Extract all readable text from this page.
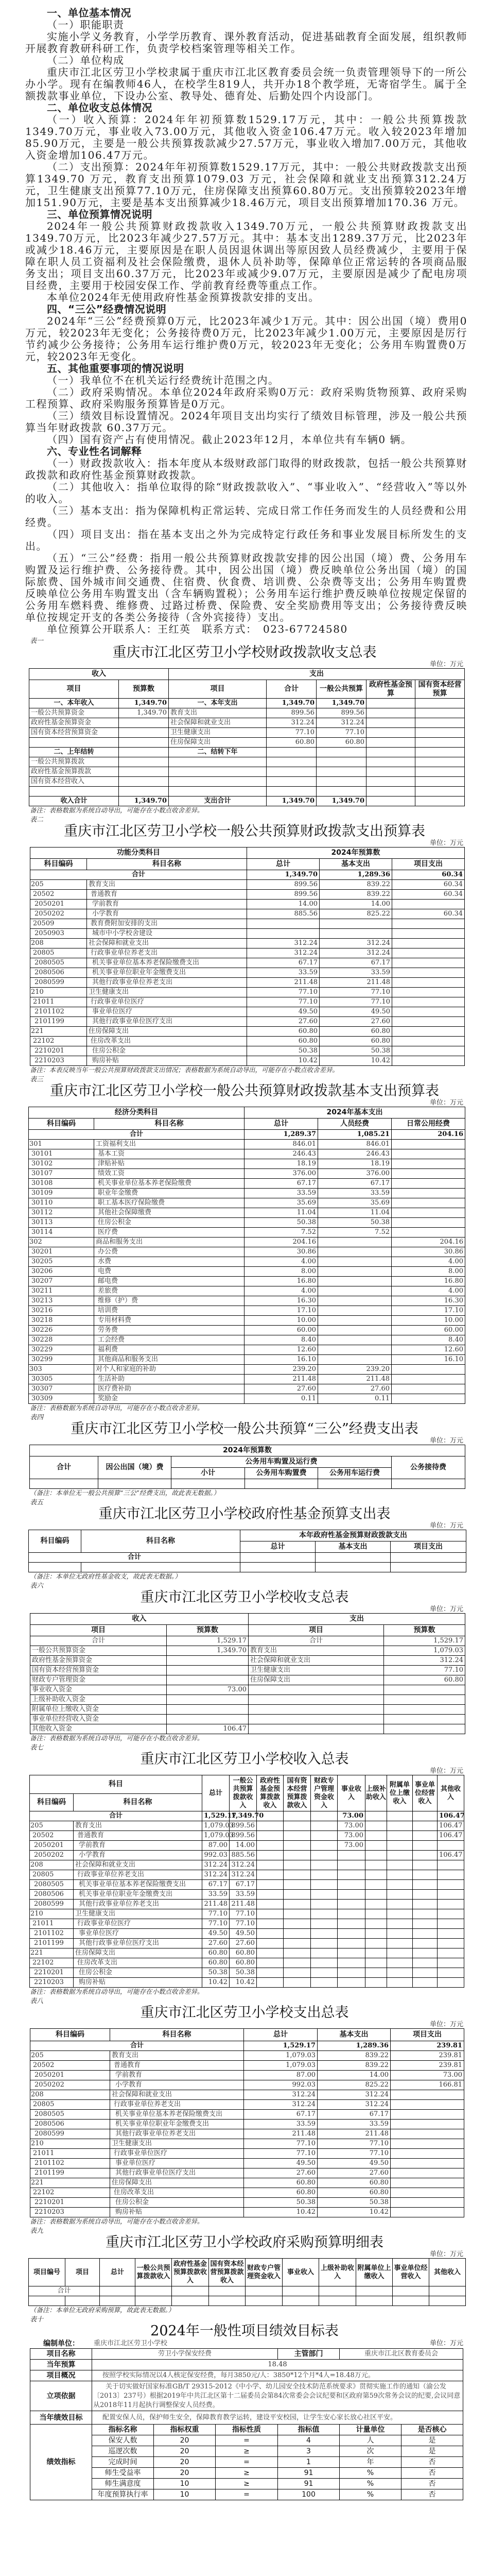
一、单位基本情况

（一）职能职责

实施小学义务教育，小学学历教育、课外教育活动，促进基础教育全面发展，组织教师开展教育教研科研工作，负责学校档案管理等相关工作。

（二）单位构成

重庆市江北区劳卫小学校隶属于重庆市江北区教育委员会统一负责管理领导下的一所公办小学。现有在编教师46人，在校学生819人，共开办18个教学班，无寄宿学生。属于全额拨款事业单位，下设办公室、教导处、德育处、后勤处四个内设部门。

二、单位收支总体情况

（一）收入预算：2024年年初预算数1529.17万元，其中：一般公共预算拨款1349.70万元，事业收入73.00万元，其他收入资金106.47万元。收入较2023年增加85.90万元，主要是一般公共预算拨款减少27.57万元，事业收入增加7.00万元，其他收入资金增加106.47万元。

（二）支出预算：2024年年初预算数1529.17万元，其中：一般公共财政拨款支出预算1349.70 万元，教育支出预算1079.03 万元，社会保障和就业支出预算312.24万元，卫生健康支出预算77.10万元，住房保障支出预算60.80万元。支出预算较2023年增加151.90万元，主要是基本支出预算减少18.46万元，项目支出预算增加170.36 万元。

三、单位预算情况说明

2024年一般公共预算财政拨款收入1349.70万元，一般公共预算财政拨款支出1349.70万元，比2023年减少27.57万元。其中：基本支出1289.37万元，比2023年或减少18.46万元，主要原因是在职人员因退休调出等原因致人员经费减少，主要用于保障在职人员工资福利及社会保险缴费，退休人员补助等，保障单位正常运转的各项商品服务支出；项目支出60.37万元，比2023年或减少9.07万元，主要原因是减少了配电房项目经费，主要用于校园安保工作、学前教育经费等重点工作。

本单位2024年无使用政府性基金预算拨款安排的支出。

四、“三公”经费情况说明

2024年“三公”经费预算0万元，比2023年减少1万元。其中：因公出国（境）费用0万元，较2023年无变化；公务接待费0万元，比2023年减少1.00万元，主要原因是厉行节约减少公务接待；公务用车运行维护费0万元，较2023年无变化；公务用车购置费0万元，较2023年无变化。

五、其他重要事项的情况说明

（一）我单位不在机关运行经费统计范围之内。

（二）政府采购情况。本单位2024年政府采购0万元：政府采购货物预算、政府采购工程预算、政府采购服务预算皆是0万元。

（三）绩效目标设置情况。2024年项目支出均实行了绩效目标管理，涉及一般公共预算当年财政拨款 60.37万元。

（四）国有资产占有使用情况。截止2023年12月，本单位共有车辆0 辆。

六、专业性名词解释

（一）财政拨款收入：指本年度从本级财政部门取得的财政拨款，包括一般公共预算财政拨款和政府性基金预算财政拨款。

（二）其他收入：指单位取得的除“财政拨款收入”、“事业收入”、“经营收入”等以外的收入。

（三）基本支出：指为保障机构正常运转、完成日常工作任务而发生的人员经费和公用经费。

（四）项目支出：指在基本支出之外为完成特定行政任务和事业发展目标所发生的支出。

（五）“三公”经费：指用一般公共预算财政拨款安排的因公出国（境）费、公务用车购置及运行维护费、公务接待费。其中，因公出国（境）费反映单位公务出国（境）的国际旅费、国外城市间交通费、住宿费、伙食费、培训费、公杂费等支出；公务用车购置费反映单位公务用车购置支出（含车辆购置税）；公务用车运行维护费反映单位按规定保留的公务用车燃料费、维修费、过路过桥费、保险费、安全奖励费用等支出；公务接待费反映单位按规定开支的各类公务接待（含外宾接待）支出。

单位预算公开联系人：王红英　联系方式：　023-67724580

表一
重庆市江北区劳卫小学校财政拨款收支总表
单位：万元
收入		支出				
项目	预算数	项目	合计	一般公共预算	政府性基金预算	国有资本经营预算
一、本年收入	1,349.70	一、本年支出	1,349.70	1,349.70		
一般公共预算资金	1,349.70	教育支出	899.56	899.56		
政府性基金预算资金		社会保障和就业支出	312.24	312.24		
国有资本经营预算资金		卫生健康支出	77.10	77.10		
		住房保障支出	60.80	60.80		
二、上年结转		二、结转下年				
一般公共预算拨款						
政府性基金预算拨款						
国有资本经营收入						

收入合计	1,349.70	支出合计	1,349.70	1,349.70		
备注：表格数据为系统自动导出，可能存在小数点收舍差异。
表二
重庆市江北区劳卫小学校一般公共预算财政拨款支出预算表
单位：万元
功能分类科目		2024年预算数		
科目编码	科目名称	总计	基本支出	项目支出
合计		1,349.70	1,289.36	60.34
205	教育支出	899.56	839.22	60.34
20502	普通教育	899.56	839.22	60.34
2050201	学前教育	14.00	14.00	
2050202	小学教育	885.56	825.22	60.34
20509	教育费附加安排的支出			
2050903	城市中小学校舍建设			
208	社会保障和就业支出	312.24	312.24	
20805	行政事业单位养老支出	312.24	312.24	
2080505	机关事业单位基本养老保险缴费支出	67.17	67.17	
2080506	机关事业单位职业年金缴费支出	33.59	33.59	
2080599	其他行政事业单位养老支出	211.48	211.48	
210	卫生健康支出	77.10	77.10	
21011	行政事业单位医疗	77.10	77.10	
2101102	事业单位医疗	49.50	49.50	
2101199	其他行政事业单位医疗支出	27.60	27.60	
221	住房保障支出	60.80	60.80	
22102	住房改革支出	60.80	60.80	
2210201	住房公积金	50.38	50.38	
2210203	购房补贴	10.42	10.42	
备注：本表反映当年一般公共预算财政拨款支出情况；表格数据为系统自动导出，可能存在小数点收舍差异。
表三
重庆市江北区劳卫小学校一般公共预算财政拨款基本支出预算表
单位：万元
经济分类科目		2024年基本支出		
科目编码	科目名称	总计	人员经费	日常公用经费
合计		1,289.37	1,085.21	204.16
301	工资福利支出	846.01	846.01	
30101	基本工资	246.43	246.43	
30102	津贴补贴	18.19	18.19	
30107	绩效工资	376.00	376.00	
30108	机关事业单位基本养老保险缴费	67.17	67.17	
30109	职业年金缴费	33.59	33.59	
30110	职工基本医疗保险缴费	35.69	35.69	
30112	其他社会保障缴费	11.04	11.04	
30113	住房公积金	50.38	50.38	
30114	医疗费	7.52	7.52	
302	商品和服务支出	204.16		204.16
30201	办公费	30.86		30.86
30205	水费	4.00		4.00
30206	电费	8.00		8.00
30207	邮电费	16.80		16.80
30211	差旅费	4.00		4.00
30213	维修（护）费	16.30		16.30
30216	培训费	17.10		17.10
30218	专用材料费	10.00		10.00
30226	劳务费	60.00		60.00
30228	工会经费	8.40		8.40
30229	福利费	12.60		12.60
30299	其他商品和服务支出	16.10		16.10
303	对个人和家庭的补助	239.20	239.20	
30305	生活补助	211.48	211.48	
30307	医疗费补助	27.60	27.60	
30309	奖励金	0.11	0.11	
备注：表格数据为系统自动导出，可能存在小数点收舍差异。
表四
重庆市江北区劳卫小学校一般公共预算“三公”经费支出表
单位：万元
2024年预算数					
合计	因公出国（境）费	公务用车购置及运行费			公务接待费
		小计	公务用车购置费	公务用车运行费	

（备注：本单位无一般公共预算“三公”经费支出，故此表无数据。）
表五
重庆市江北区劳卫小学校政府性基金预算支出表
单位：万元
科目编码	科目名称	本年政府性基金预算财政拨款支出		
		总计	基本支出	项目支出
合计				

（备注：本单位无政府性基金收支，故此表无数据。）
表六
重庆市江北区劳卫小学校收支总表
单位：万元
收入		支出	
项目	预算数	项目	预算数
合计	1,529.17	合计	1,529.17
一般公共预算资金	1,349.70	教育支出	1,079.03
政府性基金预算资金		社会保障和就业支出	312.24
国有资本经营预算资金		卫生健康支出	77.10
财政专户管理资金		住房保障支出	60.80
事业收入资金	73.00		
上级补助收入资金			
附属单位上缴收入资金			
事业单位经营收入资金			
其他收入资金	106.47		
备注：表格数据为系统自动导出，可能存在小数点收舍差异。
表七
重庆市江北区劳卫小学校收入总表
单位：万元
科目		总计	一般公共预算拨款收入	政府性基金预算拨款收入	国有资本经营预算拨款收入	财政专户管理资金收入	事业收入	上级补助收入	附属单位上缴收入	事业单位经营收入	其他收入
科目编码	科目名称										
合计		1,529.17	1,349.70				73.00				106.47
205	教育支出	1,079.03	899.56				73.00				106.47
20502	普通教育	1,079.03	899.56				73.00				106.47
2050201	学前教育	87.00	14.00				73.00				
2050202	小学教育	992.03	885.56								106.47
208	社会保障和就业支出	312.24	312.24								
20805	行政事业单位养老支出	312.24	312.24								
2080505	机关事业单位基本养老保险缴费支出	67.17	67.17								
2080506	机关事业单位职业年金缴费支出	33.59	33.59								
2080599	其他行政事业单位养老支出	211.48	211.48								
210	卫生健康支出	77.10	77.10								
21011	行政事业单位医疗	77.10	77.10								
2101102	事业单位医疗	49.50	49.50								
2101199	其他行政事业单位医疗支出	27.60	27.60								
221	住房保障支出	60.80	60.80								
22102	住房改革支出	60.80	60.80								
2210201	住房公积金	50.38	50.38								
2210203	购房补贴	10.42	10.42								
备注：表格数据为系统自动导出，可能存在小数点收舍差异。
表八
重庆市江北区劳卫小学校支出总表
单位：万元
科目编码	科目名称	总计	基本支出	项目支出
合计		1,529.17	1,289.36	239.81
205	教育支出	1,079.03	839.22	239.81
20502	普通教育	1,079.03	839.22	239.81
2050201	学前教育	87.00	14.00	73.00
2050202	小学教育	992.03	825.22	166.81
208	社会保障和就业支出	312.24	312.24	
20805	行政事业单位养老支出	312.24	312.24	
2080505	机关事业单位基本养老保险缴费支出	67.17	67.17	
2080506	机关事业单位职业年金缴费支出	33.59	33.59	
2080599	其他行政事业单位养老支出	211.48	211.48	
210	卫生健康支出	77.10	77.10	
21011	行政事业单位医疗	77.10	77.10	
2101102	事业单位医疗	49.50	49.50	
2101199	其他行政事业单位医疗支出	27.60	27.60	
221	住房保障支出	60.80	60.80	
22102	住房改革支出	60.80	60.80	
2210201	住房公积金	50.38	50.38	
2210203	购房补贴	10.42	10.42	
备注：表格数据为系统自动导出，可能存在小数点收舍差异。
表九
重庆市江北区劳卫小学校政府采购预算明细表
单位：万元
项目编号	项目	总计	一般公共预算拨款收入	政府性基金预算拨款收入	国有资本经营预算拨款收入	财政专户管理资金收入	事业收入	上级补助收入	附属单位上缴收入	事业单位经营收入	其他收入
合计											

（备注：本单位无政府采购预算，故此表无数据。）
表十
2024年一般性项目绩效目标表
编制单位：	重庆市江北区劳卫小学校	单位：万元
项目名称	劳卫小学保安经费			主管部门	重庆市江北区教育委员会	
当年预算	18.48					
项目概况	按照学校实际情况以4人核定保安经费，每月3850元/人：3850*12个月*4人=18.48万元。					
立项依据	关于切实做好国家标准GB/T 29315-2012《中小学、幼儿园安全技术防范系统要求》贯彻实施工作的通知（渝公发〔2013〕237号）根据2019年中共江北区第十二届委员会第84次常委会会议纪要和区政府第59次常务会议的纪要,会议同意从2018年11月起执行调整保安人员经费。					
当年绩效目标	配置安保人员，保护师生安全，保障教育教学运转，建设平安校园，让学生安心家长放心社区平安。					
绩效指标	指标名称	指标权重	指标性质	指标值	计量单位	是否核心
	保安人数	20	=	4	人	是
	巡逻次数	20	≥	3	次	是
	完成时间	20	=	1	年	否
	师生受益率	20	≥	91	%	否
	师生满意度	10	≥	91	%	否
	年度预算执行率	10	=	100	%	否
